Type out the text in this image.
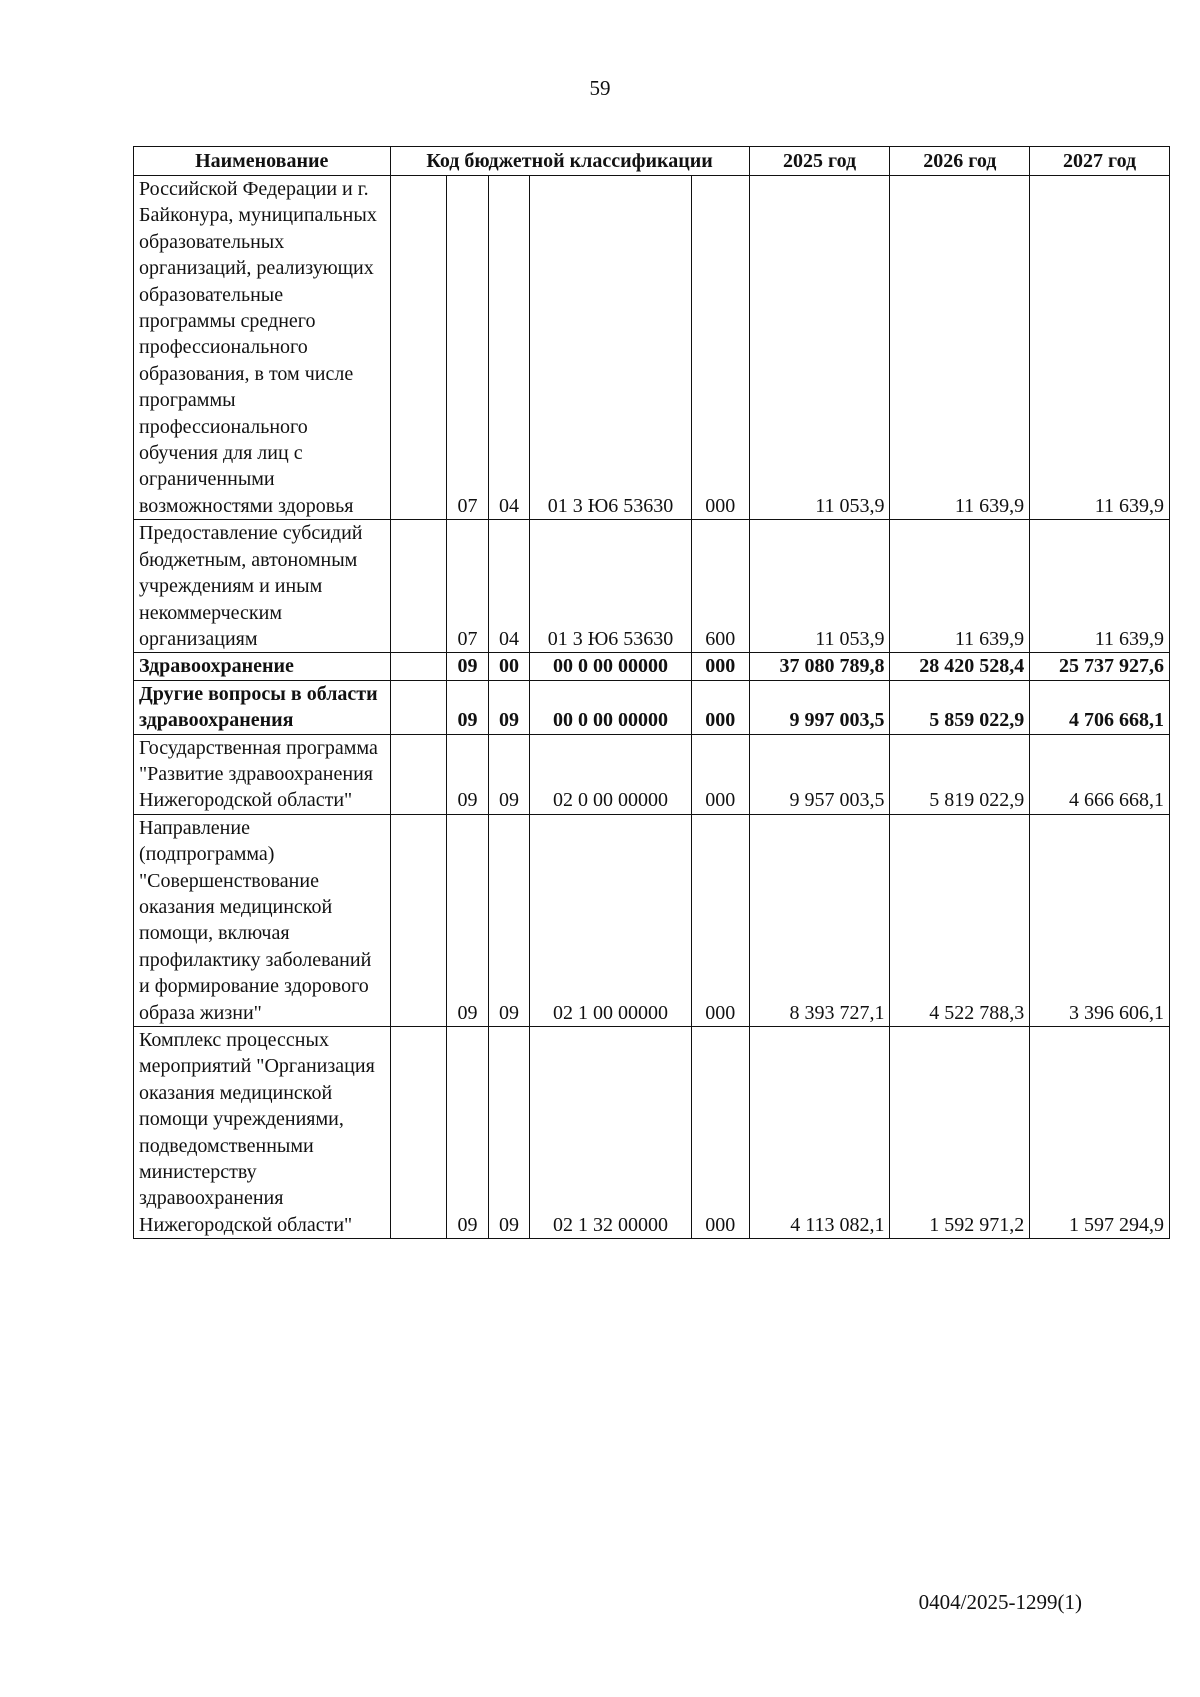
59
Наименование	Код бюджетной классификации					2025 год	2026 год	2027 год
Российской Федерации и г. Байконура, муниципальных образовательных организаций, реализующих образовательные программы среднего профессионального образования, в том числе программы профессионального обучения для лиц с ограниченными возможностями здоровья		07	04	01 3 Ю6 53630	000	11 053,9	11 639,9	11 639,9
Предоставление субсидий бюджетным, автономным учреждениям и иным некоммерческим организациям		07	04	01 3 Ю6 53630	600	11 053,9	11 639,9	11 639,9
Здравоохранение		09	00	00 0 00 00000	000	37 080 789,8	28 420 528,4	25 737 927,6
Другие вопросы в области здравоохранения		09	09	00 0 00 00000	000	9 997 003,5	5 859 022,9	4 706 668,1
Государственная программа "Развитие здравоохранения Нижегородской области"		09	09	02 0 00 00000	000	9 957 003,5	5 819 022,9	4 666 668,1
Направление (подпрограмма) "Совершенствование оказания медицинской помощи, включая профилактику заболеваний и формирование здорового образа жизни"		09	09	02 1 00 00000	000	8 393 727,1	4 522 788,3	3 396 606,1
Комплекс процессных мероприятий "Организация оказания медицинской помощи учреждениями, подведомственными министерству здравоохранения Нижегородской области"		09	09	02 1 32 00000	000	4 113 082,1	1 592 971,2	1 597 294,9
0404/2025-1299(1)
